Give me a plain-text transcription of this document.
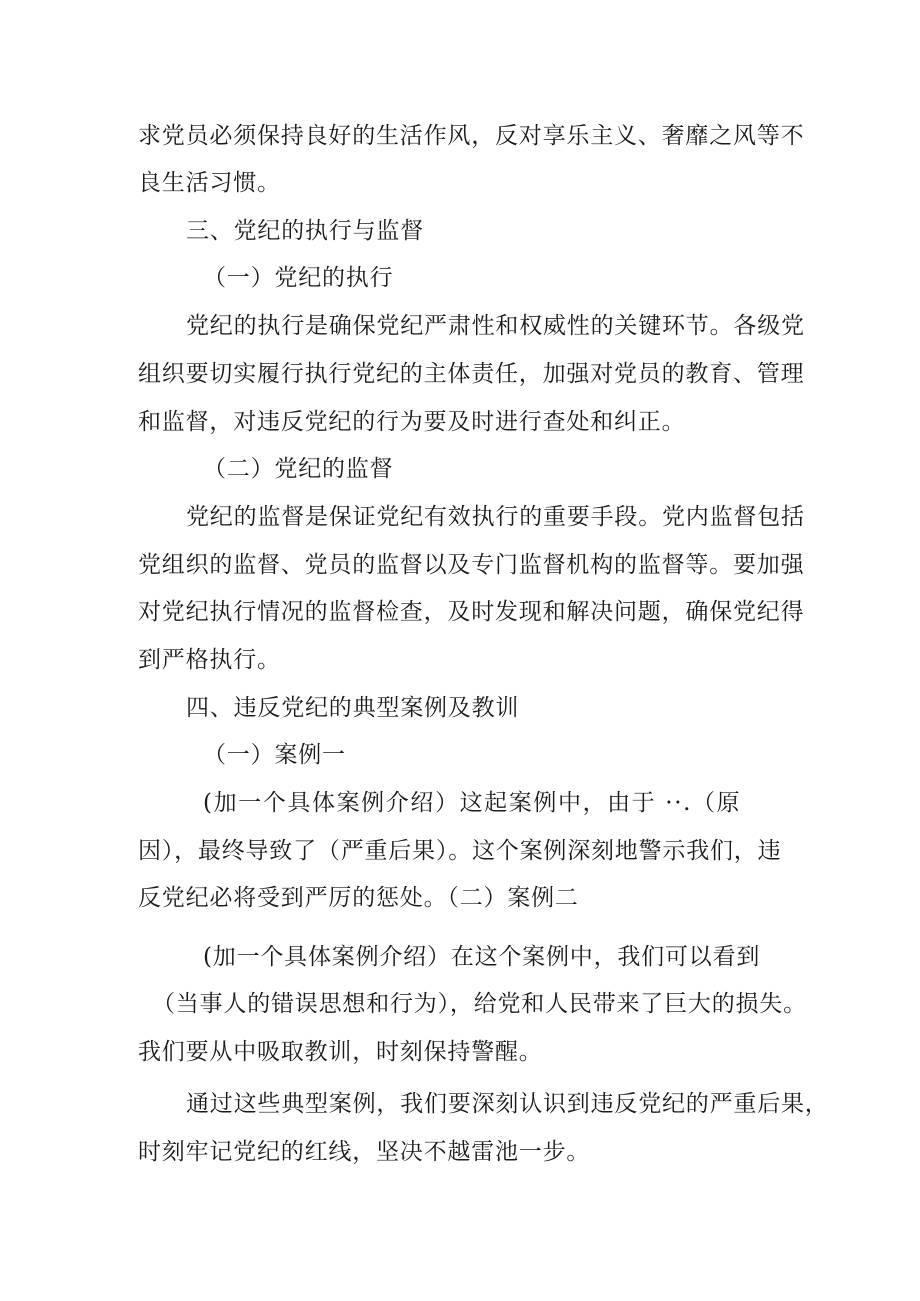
求党员必须保持良好的生活作风，反对享乐主义、奢靡之风等不
良生活习惯。
三、党纪的执行与监督
（一）党纪的执行
党纪的执行是确保党纪严肃性和权威性的关键环节。各级党
组织要切实履行执行党纪的主体责任，加强对党员的教育、管理
和监督，对违反党纪的行为要及时进行查处和纠正。
（二）党纪的监督
党纪的监督是保证党纪有效执行的重要手段。党内监督包括
党组织的监督、党员的监督以及专门监督机构的监督等。要加强
对党纪执行情况的监督检查，及时发现和解决问题，确保党纪得
到严格执行。
四、违反党纪的典型案例及教训
（一）案例一
(加一个具体案例介绍）这起案例中，由于 ··.（原
因），最终导致了（严重后果）。这个案例深刻地警示我们，违
反党纪必将受到严厉的惩处。（二）案例二
(加一个具体案例介绍）在这个案例中，我们可以看到
（当事人的错误思想和行为），给党和人民带来了巨大的损失。
我们要从中吸取教训，时刻保持警醒。
通过这些典型案例，我们要深刻认识到违反党纪的严重后果，
时刻牢记党纪的红线，坚决不越雷池一步。
